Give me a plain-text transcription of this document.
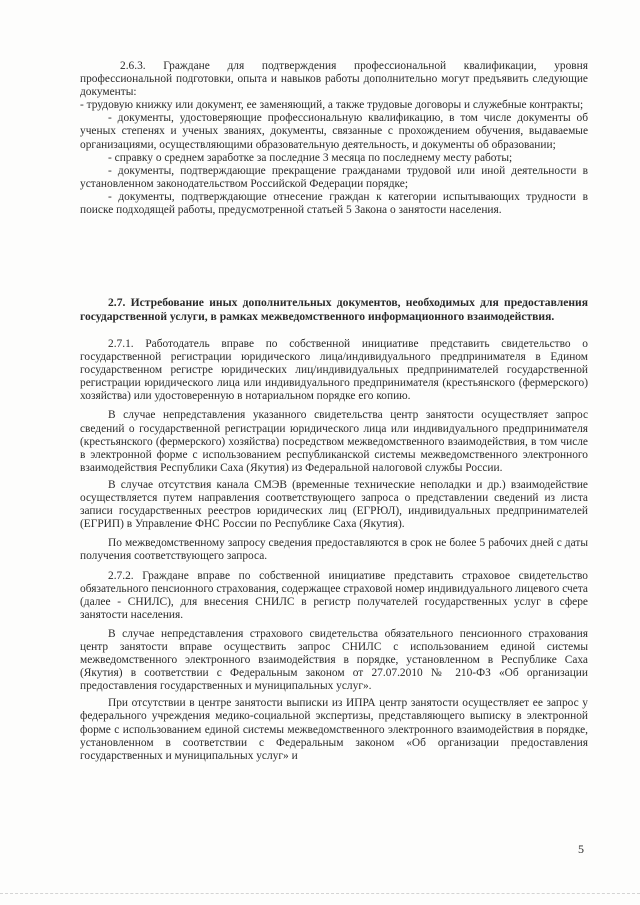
2.6.3. Граждане для подтверждения профессиональной квалификации, уровня профессиональной подготовки, опыта и навыков работы дополнительно могут предъявить следующие документы:

- трудовую книжку или документ, ее заменяющий, а также трудовые договоры и служебные контракты;

- документы, удостоверяющие профессиональную квалификацию, в том числе документы об ученых степенях и ученых званиях, документы, связанные с прохождением обучения, выдаваемые организациями, осуществляющими образовательную деятельность, и документы об образовании;

- справку о среднем заработке за последние 3 месяца по последнему месту работы;

- документы, подтверждающие прекращение гражданами трудовой или иной деятельности в установленном законодательством Российской Федерации порядке;

- документы, подтверждающие отнесение граждан к категории испытывающих трудности в поиске подходящей работы, предусмотренной статьей 5 Закона о занятости населения.

2.7. Истребование иных дополнительных документов, необходимых для предоставления государственной услуги, в рамках межведомственного информационного взаимодействия.

2.7.1. Работодатель вправе по собственной инициативе представить свидетельство о государственной регистрации юридического лица/индивидуального предпринимателя в Едином государственном регистре юридических лиц/индивидуальных предпринимателей государственной регистрации юридического лица или индивидуального предпринимателя (крестьянского (фермерского) хозяйства) или удостоверенную в нотариальном порядке его копию.

В случае непредставления указанного свидетельства центр занятости осуществляет запрос сведений о государственной регистрации юридического лица или индивидуального предпринимателя (крестьянского (фермерского) хозяйства) посредством межведомственного взаимодействия, в том числе в электронной форме с использованием республиканской системы межведомственного электронного взаимодействия Республики Саха (Якутия) из Федеральной налоговой службы России.

В случае отсутствия канала СМЭВ (временные технические неполадки и др.) взаимодействие осуществляется путем направления соответствующего запроса о представлении сведений из листа записи государственных реестров юридических лиц (ЕГРЮЛ), индивидуальных предпринимателей (ЕГРИП) в Управление ФНС России по Республике Саха (Якутия).

По межведомственному запросу сведения предоставляются в срок не более 5 рабочих дней с даты получения соответствующего запроса.

2.7.2. Граждане вправе по собственной инициативе представить страховое свидетельство обязательного пенсионного страхования, содержащее страховой номер индивидуального лицевого счета (далее - СНИЛС), для внесения СНИЛС в регистр получателей государственных услуг в сфере занятости населения.

В случае непредставления страхового свидетельства обязательного пенсионного страхования центр занятости вправе осуществить запрос СНИЛС с использованием единой системы межведомственного электронного взаимодействия в порядке, установленном в Республике Саха (Якутия) в соответствии с Федеральным законом от 27.07.2010 № 210-ФЗ «Об организации предоставления государственных и муниципальных услуг».

При отсутствии в центре занятости выписки из ИПРА центр занятости осуществляет ее запрос у федерального учреждения медико-социальной экспертизы, представляющего выписку в электронной форме с использованием единой системы межведомственного электронного взаимодействия в порядке, установленном в соответствии с Федеральным законом «Об организации предоставления государственных и муниципальных услуг» и

5
